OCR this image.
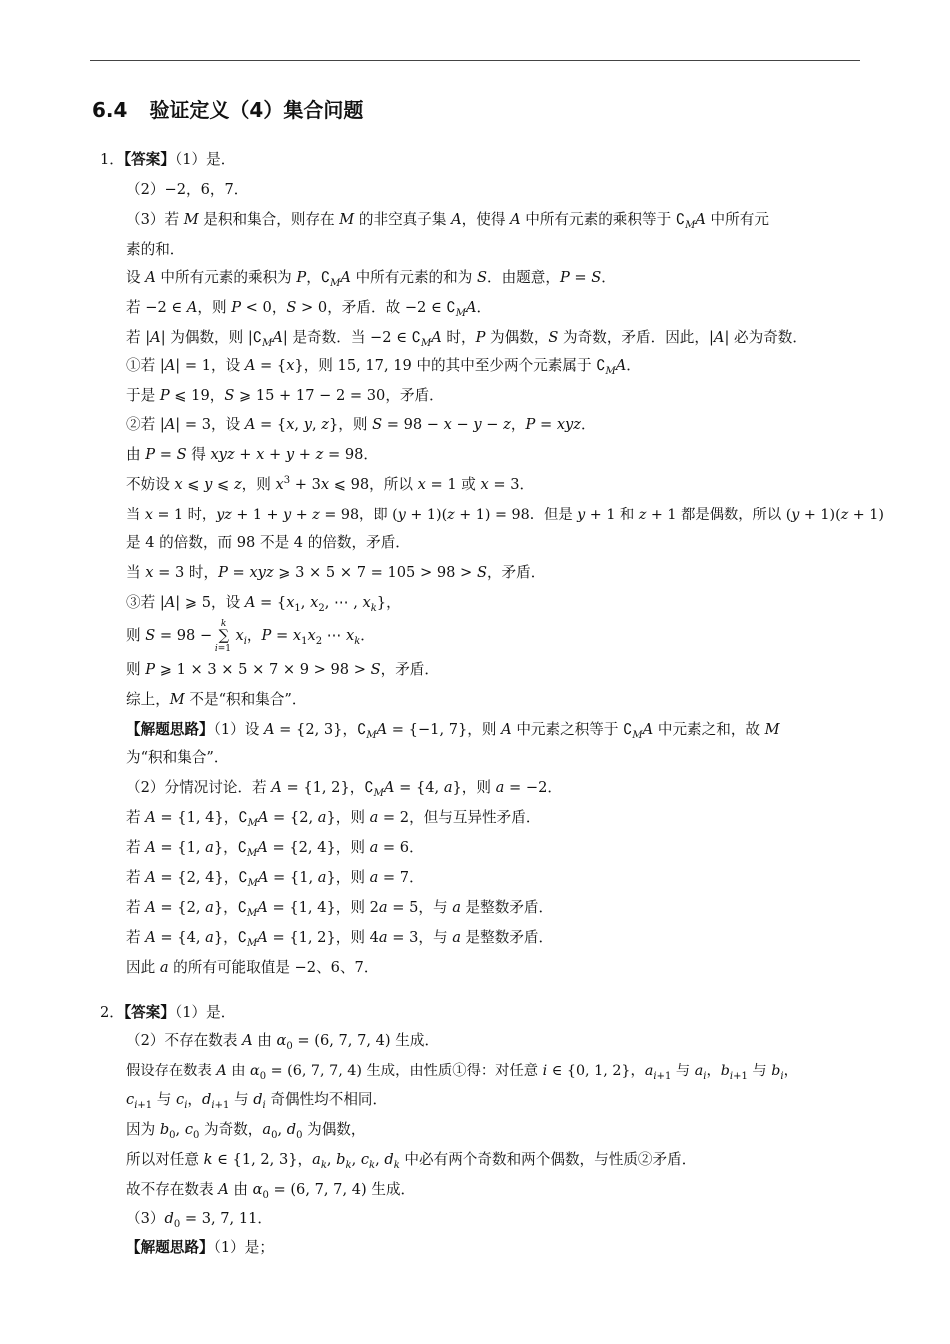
6.4 验证定义（4）集合问题
1．【答案】（1）是．
（2）−2，6，7．
（3）若 M 是积和集合，则存在 M 的非空真子集 A，使得 A 中所有元素的乘积等于 $∁_MA$ 中所有元
素的和．
设 A 中所有元素的乘积为 P，$∁_MA$ 中所有元素的和为 S．由题意，P = S．
若 −2 ∈ A，则 P < 0，S > 0，矛盾．故 −2 ∈ $∁_MA$．
若 |A| 为偶数，则 $|∁_MA|$ 是奇数．当 −2 ∈ $∁_MA$ 时，P 为偶数，S 为奇数，矛盾．因此，|A| 必为奇数．
①若 |A| = 1，设 A = {x}，则 15, 17, 19 中的其中至少两个元素属于 $∁_MA$．
于是 P ⩽ 19，S ⩾ 15 + 17 − 2 = 30，矛盾．
②若 |A| = 3，设 A = {x, y, z}，则 S = 98 − x − y − z，P = xyz．
由 P = S 得 xyz + x + y + z = 98．
不妨设 x ⩽ y ⩽ z，则 $x^3 + 3x$ ⩽ 98，所以 x = 1 或 x = 3．
当 x = 1 时，yz + 1 + y + z = 98，即 (y + 1)(z + 1) = 98．但是 y + 1 和 z + 1 都是偶数，所以 (y + 1)(z + 1)
是 4 的倍数，而 98 不是 4 的倍数，矛盾．
当 x = 3 时，P = xyz ⩾ 3 × 5 × 7 = 105 > 98 > S，矛盾．
③若 |A| ⩾ 5，设 $A = \{x_1$, $x_2$, ⋯ , $x_k$}，
则 S = 98 −
k
∑
i=1
$x_i$，$P = x_1x_2$ ⋯ $x_k$．
则 P ⩾ 1 × 3 × 5 × 7 × 9 > 98 > S，矛盾．
综上，M 不是“积和集合”．
【解题思路】（1）设 A = {2, 3}，$∁_MA = \{-1$, 7}，则 A 中元素之积等于 $∁_MA$ 中元素之和，故 M
为“积和集合”．
（2）分情况讨论．若 A = {1, 2}，$∁_MA = \{4$, a}，则 a = −2．
若 A = {1, 4}，$∁_MA = \{2$, a}，则 a = 2，但与互异性矛盾．
若 A = {1, a}，$∁_MA = \{2$, 4}，则 a = 6．
若 A = {2, 4}，$∁_MA = \{1$, a}，则 a = 7．
若 A = {2, a}，$∁_MA = \{1$, 4}，则 2a = 5，与 a 是整数矛盾．
若 A = {4, a}，$∁_MA = \{1$, 2}，则 4a = 3，与 a 是整数矛盾．
因此 a 的所有可能取值是 −2、6、7．
2．【答案】（1）是．
（2）不存在数表 A 由 $\alpha_0 = (6$, 7, 7, 4) 生成．
假设存在数表 A 由 $\alpha_0 = (6$, 7, 7, 4) 生成，由性质①得：对任意 i ∈ {0, 1, 2}，$a_{i+1}$ 与 $a_i$，$b_{i+1}$ 与 $b_i$，
$c_{i+1}$ 与 $c_i$，$d_{i+1}$ 与 $d_i$ 奇偶性均不相同．
因为 $b_0$, $c_0$ 为奇数，$a_0$, $d_0$ 为偶数，
所以对任意 k ∈ {1, 2, 3}，$a_k$, $b_k$, $c_k$, $d_k$ 中必有两个奇数和两个偶数，与性质②矛盾．
故不存在数表 A 由 $\alpha_0 = (6$, 7, 7, 4) 生成．
$(3)d_0 = 3$, 7, 11．
【解题思路】（1）是；
